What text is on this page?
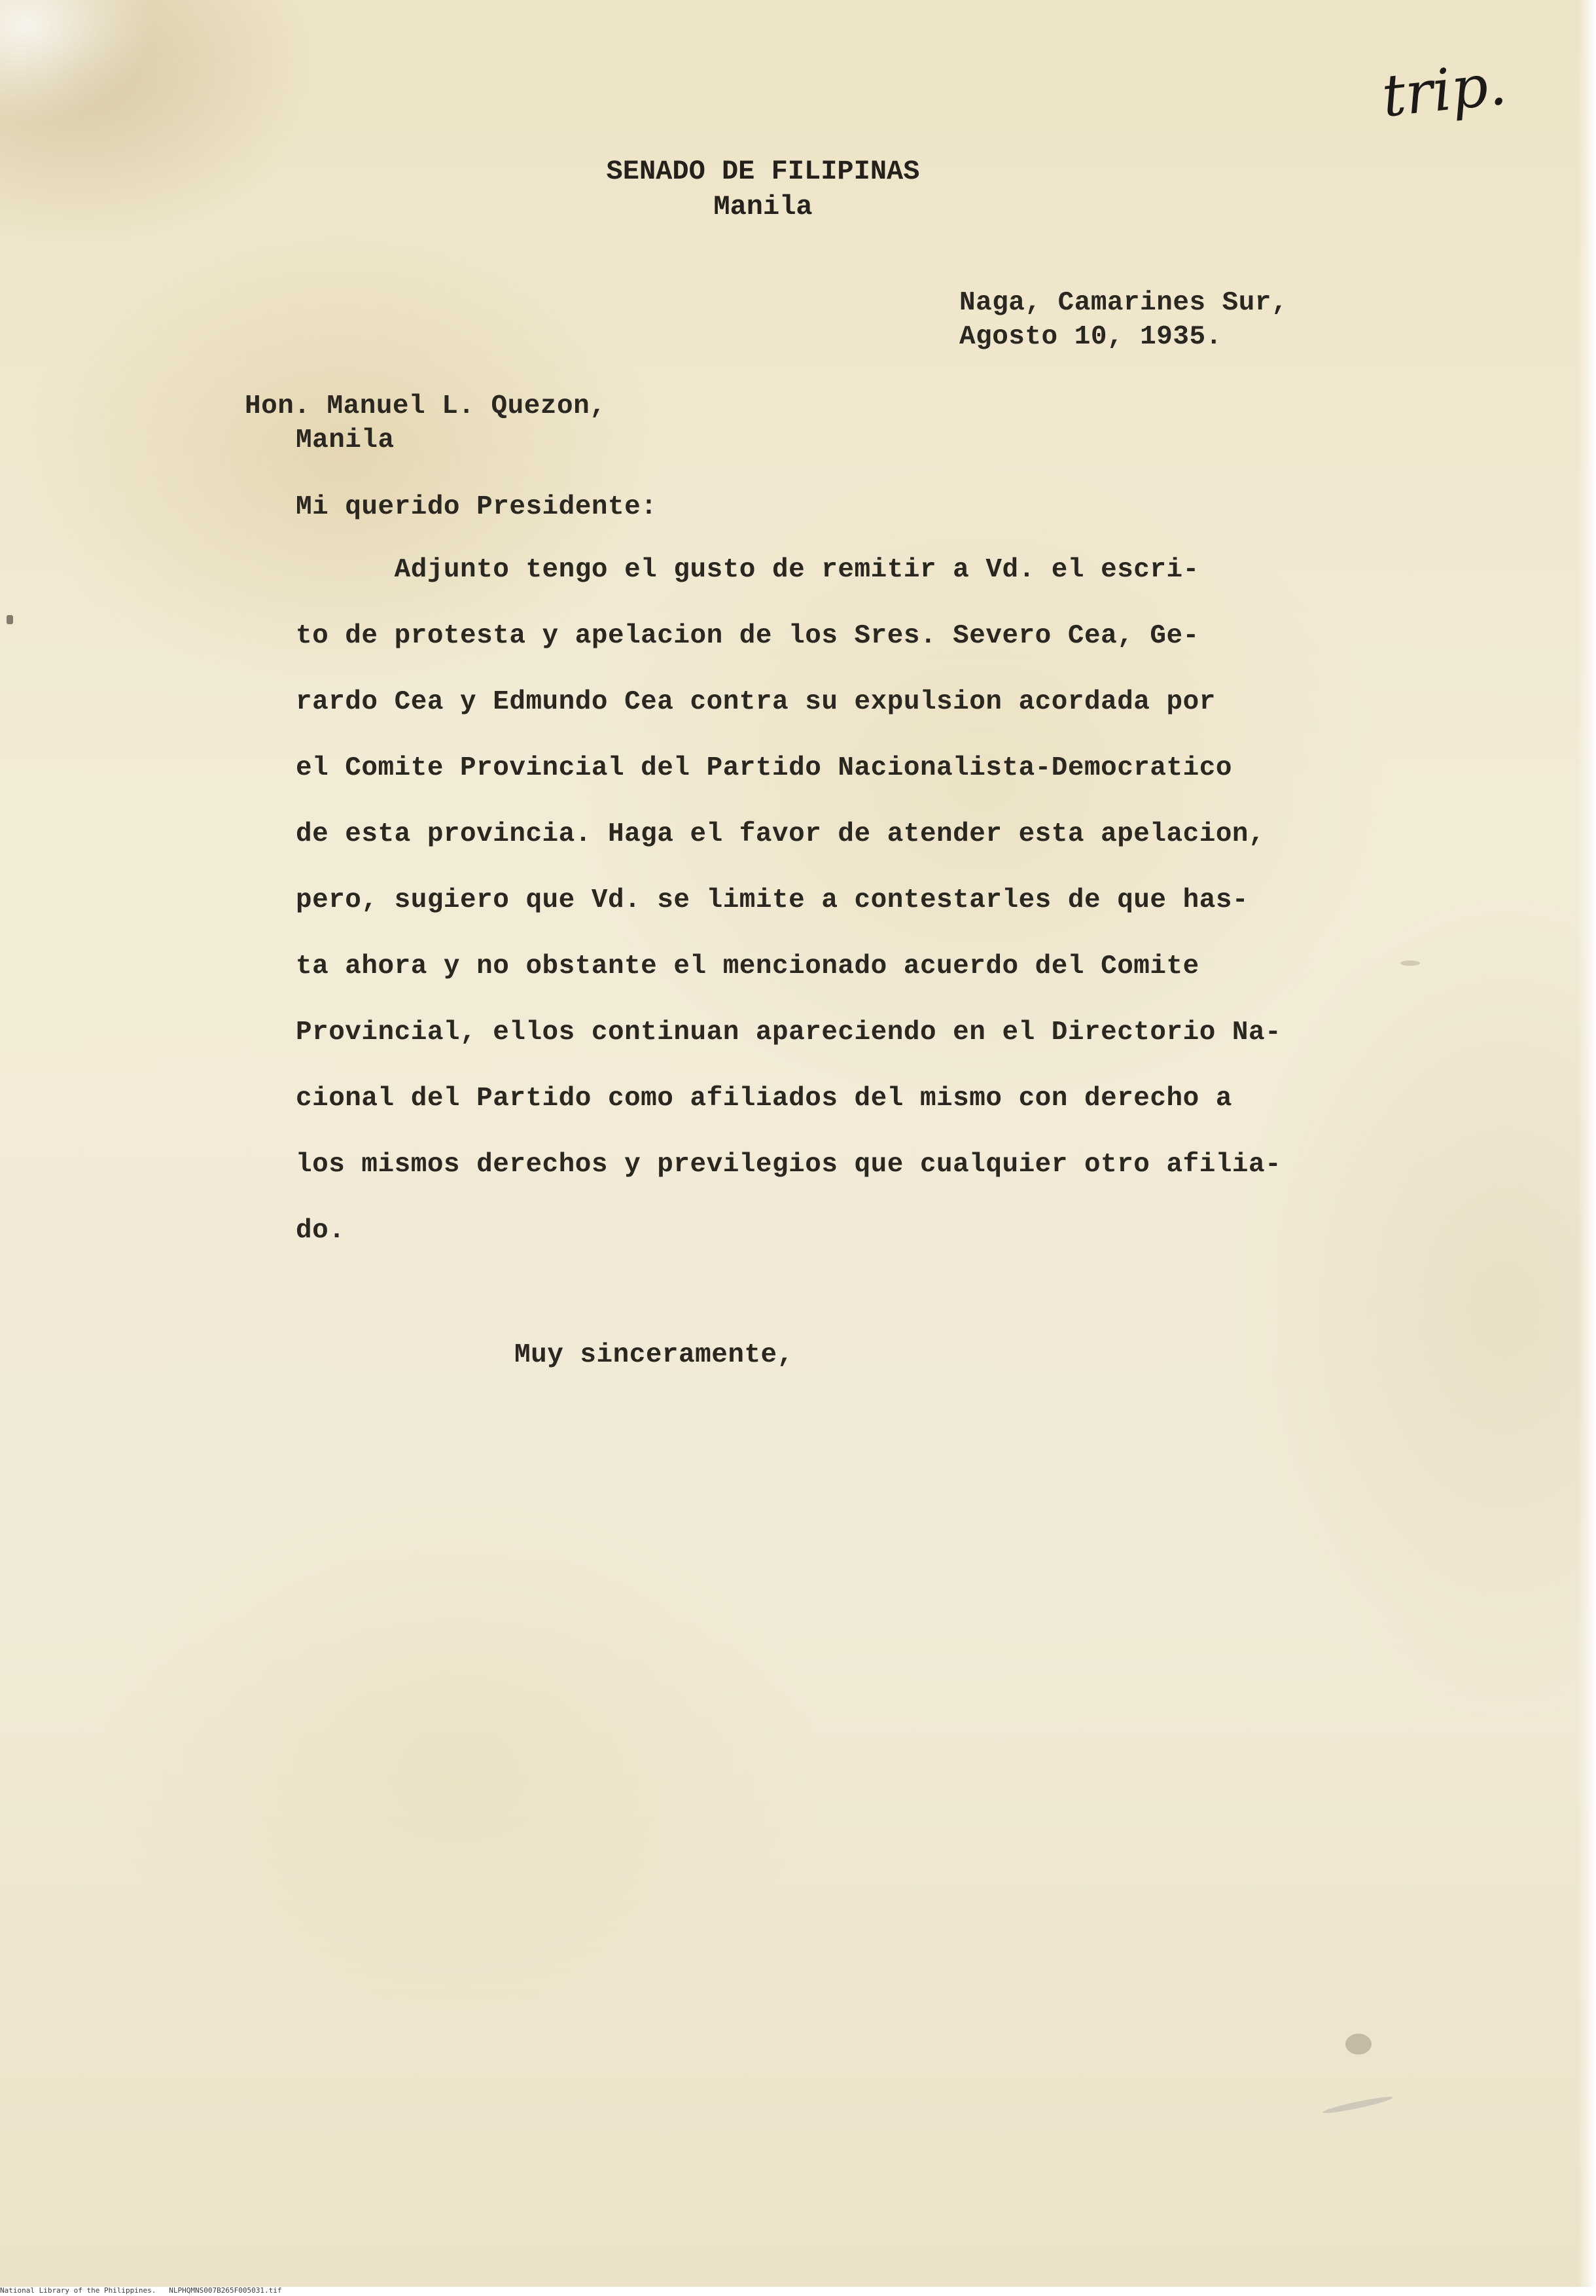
trip.

SENADO DE FILIPINAS

Manila

Naga, Camarines Sur,

Agosto 10, 1935.

Hon. Manuel L. Quezon,

Manila

Mi querido Presidente:

Adjunto tengo el gusto de remitir a Vd. el escri-

to de protesta y apelacion de los Sres. Severo Cea, Ge-

rardo Cea y Edmundo Cea contra su expulsion acordada por

el Comite Provincial del Partido Nacionalista-Democratico

de esta provincia. Haga el favor de atender esta apelacion,

pero, sugiero que Vd. se limite a contestarles de que has-

ta ahora y no obstante el mencionado acuerdo del Comite

Provincial, ellos continuan apareciendo en el Directorio Na-

cional del Partido como afiliados del mismo con derecho a

los mismos derechos y previlegios que cualquier otro afilia-

do.

Muy sinceramente,

National Library of the Philippines.   NLPHQMNS007B265F005031.tif
